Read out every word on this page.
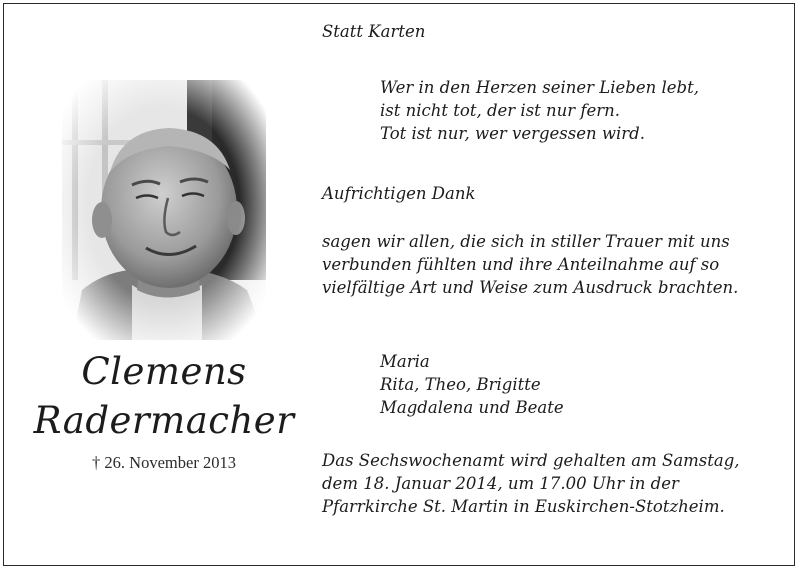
Clemens
Radermacher
† 26. November 2013
Statt Karten
Wer in den Herzen seiner Lieben lebt,
ist nicht tot, der ist nur fern.
Tot ist nur, wer vergessen wird.
Aufrichtigen Dank
sagen wir allen, die sich in stiller Trauer mit uns
verbunden fühlten und ihre Anteilnahme auf so
vielfältige Art und Weise zum Ausdruck brachten.
Maria
Rita, Theo, Brigitte
Magdalena und Beate
Das Sechswochenamt wird gehalten am Samstag,
dem 18. Januar 2014, um 17.00 Uhr in der
Pfarrkirche St. Martin in Euskirchen-Stotzheim.
